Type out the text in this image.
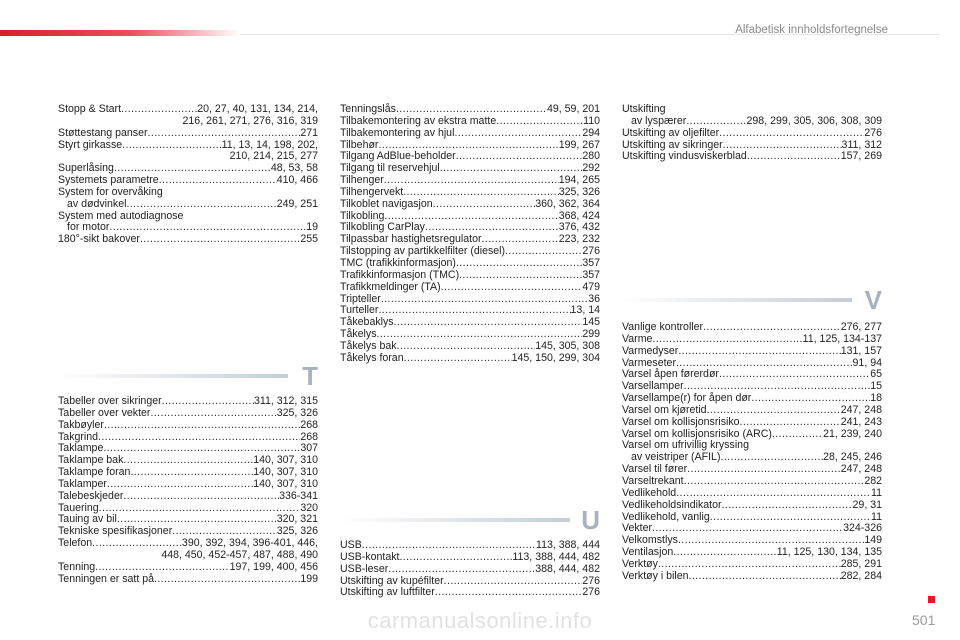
Alfabetisk innholdsfortegnelse
Stopp & Start .....	20, 27, 40, 131, 134, 214,
216, 261, 271, 276, 316, 319
Støttestang panser .....	271
Styrt girkasse .....	11, 13, 14, 198, 202,
210, 214, 215, 277
Superlåsing .....	48, 53, 58
Systemets parametre .....	410, 466
System for overvåking
av dødvinkel .....	249, 251
System med autodiagnose
for motor .....	19
180°-sikt bakover .....	255
T
Tabeller over sikringer .....	311, 312, 315
Tabeller over vekter .....	325, 326
Takbøyler .....	268
Takgrind .....	268
Taklampe .....	307
Taklampe bak .....	140, 307, 310
Taklampe foran .....	140, 307, 310
Taklamper .....	140, 307, 310
Talebeskjeder .....	336-341
Tauering .....	320
Tauing av bil .....	320, 321
Tekniske spesifikasjoner .....	325, 326
Telefon .....	390, 392, 394, 396-401, 446,
448, 450, 452-457, 487, 488, 490
Tenning .....	197, 199, 400, 456
Tenningen er satt på .....	199
Tenningslås .....	49, 59, 201
Tilbakemontering av ekstra matte .....	110
Tilbakemontering av hjul .....	294
Tilbehør .....	199, 267
Tilgang AdBlue-beholder .....	280
Tilgang til reservehjul .....	292
Tilhenger .....	194, 265
Tilhengervekt .....	325, 326
Tilkoblet navigasjon .....	360, 362, 364
Tilkobling .....	368, 424
Tilkobling CarPlay .....	376, 432
Tilpassbar hastighetsregulator .....	223, 232
Tilstopping av partikkelfilter (diesel) .....	276
TMC (trafikkinformasjon) .....	357
Trafikkinformasjon (TMC) .....	357
Trafikkmeldinger (TA) .....	479
Tripteller .....	36
Turteller .....	13, 14
Tåkebaklys .....	145
Tåkelys .....	299
Tåkelys bak .....	145, 305, 308
Tåkelys foran .....	145, 150, 299, 304
U
USB .....	113, 388, 444
USB-kontakt .....	113, 388, 444, 482
USB-leser .....	388, 444, 482
Utskifting av kupéfilter .....	276
Utskifting av luftfilter .....	276
Utskifting
av lyspærer .....	298, 299, 305, 306, 308, 309
Utskifting av oljefilter .....	276
Utskifting av sikringer .....	311, 312
Utskifting vindusviskerblad .....	157, 269
V
Vanlige kontroller .....	276, 277
Varme .....	11, 125, 134-137
Varmedyser .....	131, 157
Varmeseter .....	91, 94
Varsel åpen førerdør .....	65
Varsellamper .....	15
Varsellampe(r) for åpen dør .....	18
Varsel om kjøretid .....	247, 248
Varsel om kollisjonsrisiko .....	241, 243
Varsel om kollisjonsrisiko (ARC) .....	21, 239, 240
Varsel om ufrivillig kryssing
av veistriper (AFIL) .....	28, 245, 246
Varsel til fører .....	247, 248
Varseltrekant .....	282
Vedlikehold .....	11
Vedlikeholdsindikator .....	29, 31
Vedlikehold, vanlig .....	11
Vekter .....	324-326
Velkomstlys .....	149
Ventilasjon .....	11, 125, 130, 134, 135
Verktøy .....	285, 291
Verktøy i bilen .....	282, 284
501
carmanualsonline.info
